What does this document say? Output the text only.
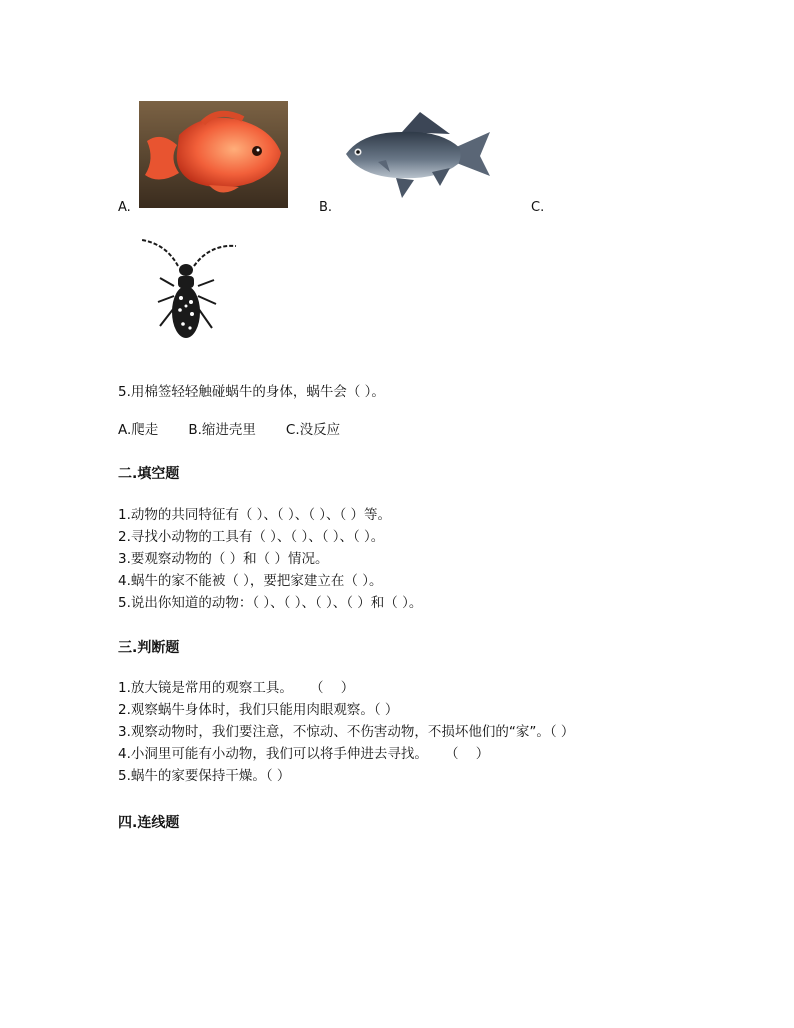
A.	B.	C.
5.用棉签轻轻触碰蜗牛的身体，蜗牛会（ ）。
A.爬走       B.缩进壳里       C.没反应
二.填空题
1.动物的共同特征有（ ）、（ ）、（ ）、（ ）等。
2.寻找小动物的工具有（ ）、（ ）、（ ）、（ ）。
3.要观察动物的（ ）和（ ）情况。
4.蜗牛的家不能被（ ），要把家建立在（ ）。
5.说出你知道的动物：（ ）、（ ）、（ ）、（ ）和（ ）。
三.判断题
1.放大镜是常用的观察工具。    （    ）
2.观察蜗牛身体时，我们只能用肉眼观察。（ ）
3.观察动物时，我们要注意，不惊动、不伤害动物，不损坏他们的“家”。（ ）
4.小洞里可能有小动物，我们可以将手伸进去寻找。    （    ）
5.蜗牛的家要保持干燥。（ ）
四.连线题
